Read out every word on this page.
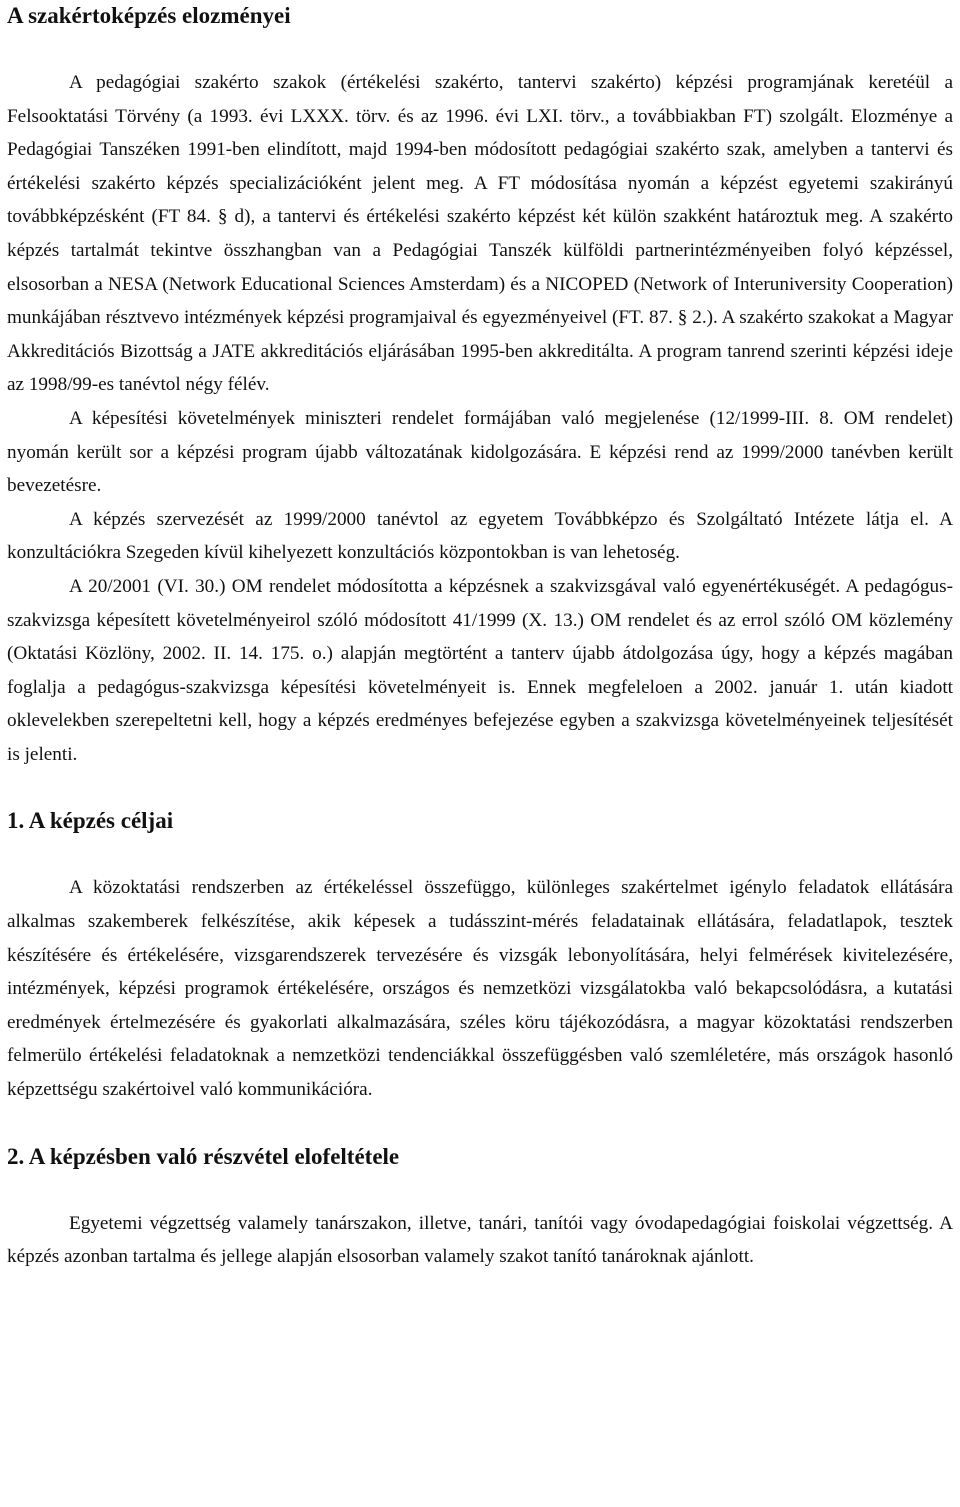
A szakértoképzés elozményei

A pedagógiai szakérto szakok (értékelési szakérto, tantervi szakérto) képzési programjának keretéül a Felsooktatási Törvény (a 1993. évi LXXX. törv. és az 1996. évi LXI. törv., a továbbiakban FT) szolgált. Elozménye a Pedagógiai Tanszéken 1991-ben elindított, majd 1994-ben módosított pedagógiai szakérto szak, amelyben a tantervi és értékelési szakérto képzés specializációként jelent meg. A FT módosítása nyomán a képzést egyetemi szakirányú továbbképzésként (FT 84. § d), a tantervi és értékelési szakérto képzést két külön szakként határoztuk meg. A szakérto képzés tartalmát tekintve összhangban van a Pedagógiai Tanszék külföldi partnerintézményeiben folyó képzéssel, elsosorban a NESA (Network Educational Sciences Amsterdam) és a NICOPED (Network of Interuniversity Cooperation) munkájában résztvevo intézmények képzési programjaival és egyezményeivel (FT. 87. § 2.). A szakérto szakokat a Magyar Akkreditációs Bizottság a JATE akkreditációs eljárásában 1995-ben akkreditálta. A program tanrend szerinti képzési ideje az 1998/99-es tanévtol négy félév.

A képesítési követelmények miniszteri rendelet formájában való megjelenése (12/1999-III. 8. OM rendelet) nyomán került sor a képzési program újabb változatának kidolgozására. E képzési rend az 1999/2000 tanévben került bevezetésre.

A képzés szervezését az 1999/2000 tanévtol az egyetem Továbbképzo és Szolgáltató Intézete látja el. A konzultációkra Szegeden kívül kihelyezett konzultációs központokban is van lehetoség.

A 20/2001 (VI. 30.) OM rendelet módosította a képzésnek a szakvizsgával való egyenértékuségét. A pedagógus-szakvizsga képesített követelményeirol szóló módosított 41/1999 (X. 13.) OM rendelet és az errol szóló OM közlemény (Oktatási Közlöny, 2002. II. 14. 175. o.) alapján megtörtént a tanterv újabb átdolgozása úgy, hogy a képzés magában foglalja a pedagógus-szakvizsga képesítési követelményeit is. Ennek megfeleloen a 2002. január 1. után kiadott oklevelekben szerepeltetni kell, hogy a képzés eredményes befejezése egyben a szakvizsga követelményeinek teljesítését is jelenti.

1. A képzés céljai

A közoktatási rendszerben az értékeléssel összefüggo, különleges szakértelmet igénylo feladatok ellátására alkalmas szakemberek felkészítése, akik képesek a tudásszint-mérés feladatainak ellátására, feladatlapok, tesztek készítésére és értékelésére, vizsgarendszerek tervezésére és vizsgák lebonyolítására, helyi felmérések kivitelezésére, intézmények, képzési programok értékelésére, országos és nemzetközi vizsgálatokba való bekapcsolódásra, a kutatási eredmények értelmezésére és gyakorlati alkalmazására, széles köru tájékozódásra, a magyar közoktatási rendszerben felmerülo értékelési feladatoknak a nemzetközi tendenciákkal összefüggésben való szemléletére, más országok hasonló képzettségu szakértoivel való kommunikációra.

2. A képzésben való részvétel elofeltétele

Egyetemi végzettség valamely tanárszakon, illetve, tanári, tanítói vagy óvodapedagógiai foiskolai végzettség. A képzés azonban tartalma és jellege alapján elsosorban valamely szakot tanító tanároknak ajánlott.
